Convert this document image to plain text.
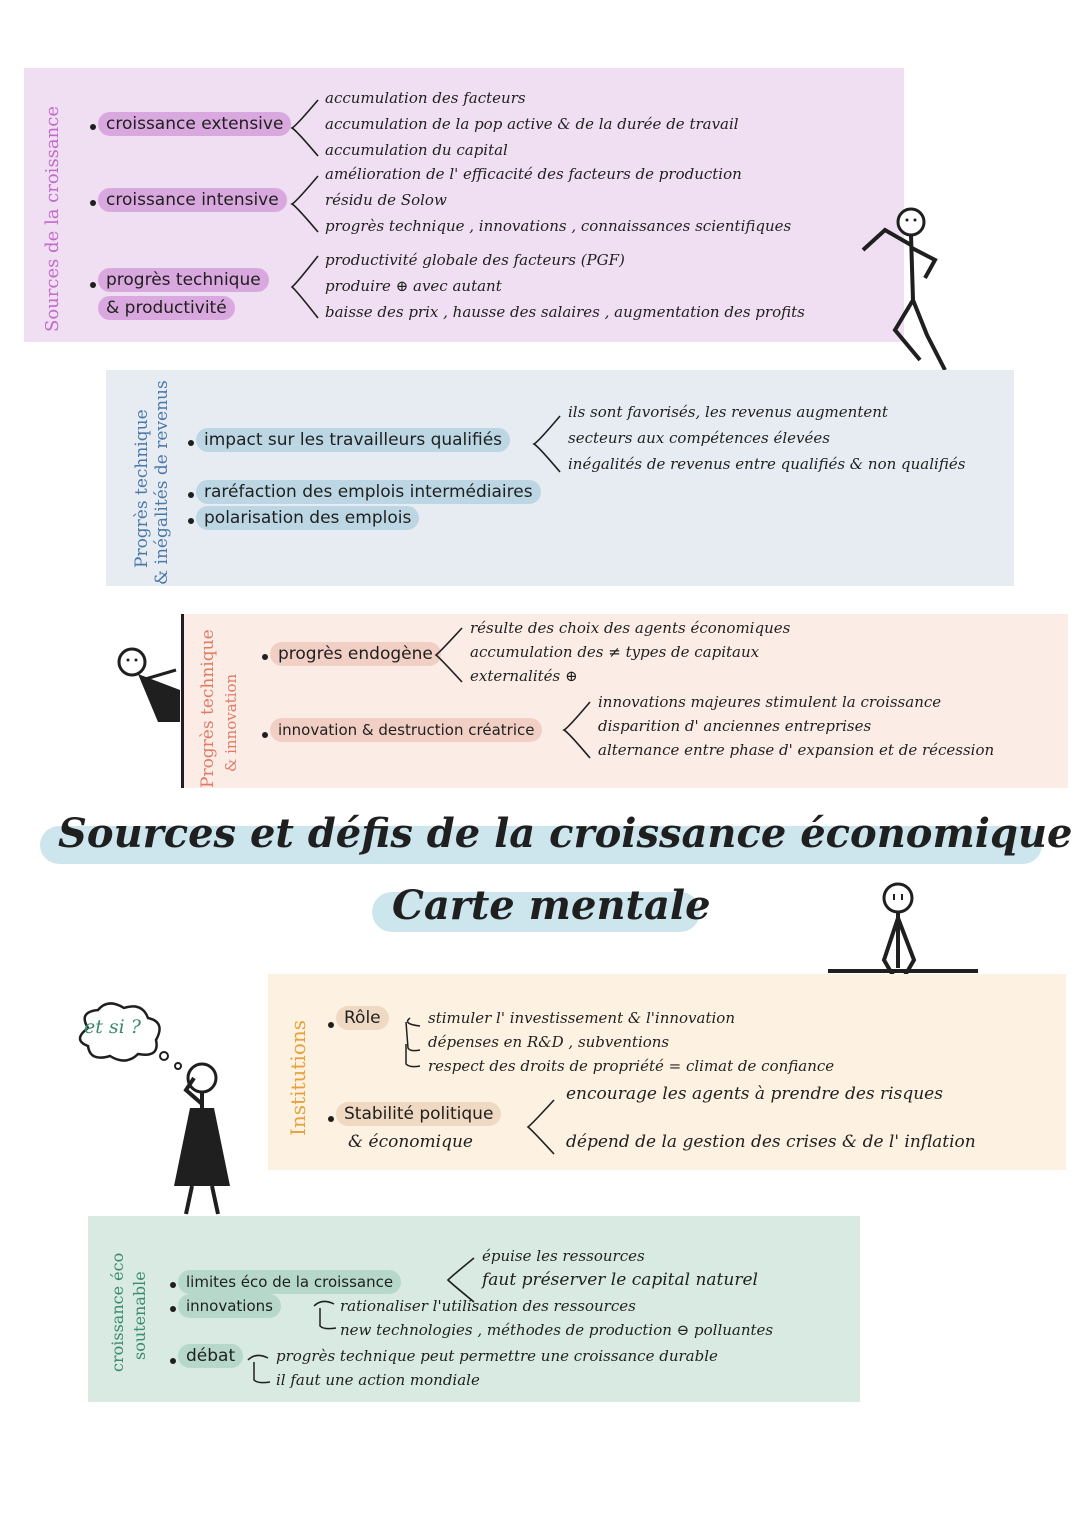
Sources de la croissance	croissance extensive
accumulation des facteurs
accumulation de la pop active & de la durée de travail
accumulation du capital
croissance intensive
amélioration de l' efficacité des facteurs de production
résidu de Solow
progrès technique , innovations , connaissances scientifiques
progrès technique
& productivité
productivité globale des facteurs (PGF)
produire ⊕ avec autant
baisse des prix , hausse des salaires , augmentation des profits
Progrès technique & inégalités de revenus	impact sur les travailleurs qualifiés
ils sont favorisés, les revenus augmentent
secteurs aux compétences élevées
inégalités de revenus entre qualifiés & non qualifiés
raréfaction des emplois intermédiaires
polarisation des emplois
Progrès technique & innovation
progrès endogène
résulte des choix des agents économiques
accumulation des ≠ types de capitaux
externalités ⊕
innovation & destruction créatrice
innovations majeures stimulent la croissance
disparition d' anciennes entreprises
alternance entre phase d' expansion et de récession
Sources et défis de la croissance économique
Carte mentale
Institutions
et si ?	Rôle	stimuler l' investissement & l'innovation
dépenses en R&D , subventions
respect des droits de propriété = climat de confiance
Stabilité politique
& économique
encourage les agents à prendre des risques
dépend de la gestion des crises & de l' inflation
croissance éco soutenable	limites éco de la croissance
épuise les ressources
faut préserver le capital naturel
innovations	rationaliser l'utilisation des ressources
new technologies , méthodes de production ⊖ polluantes
débat	progrès technique peut permettre une croissance durable
il faut une action mondiale
